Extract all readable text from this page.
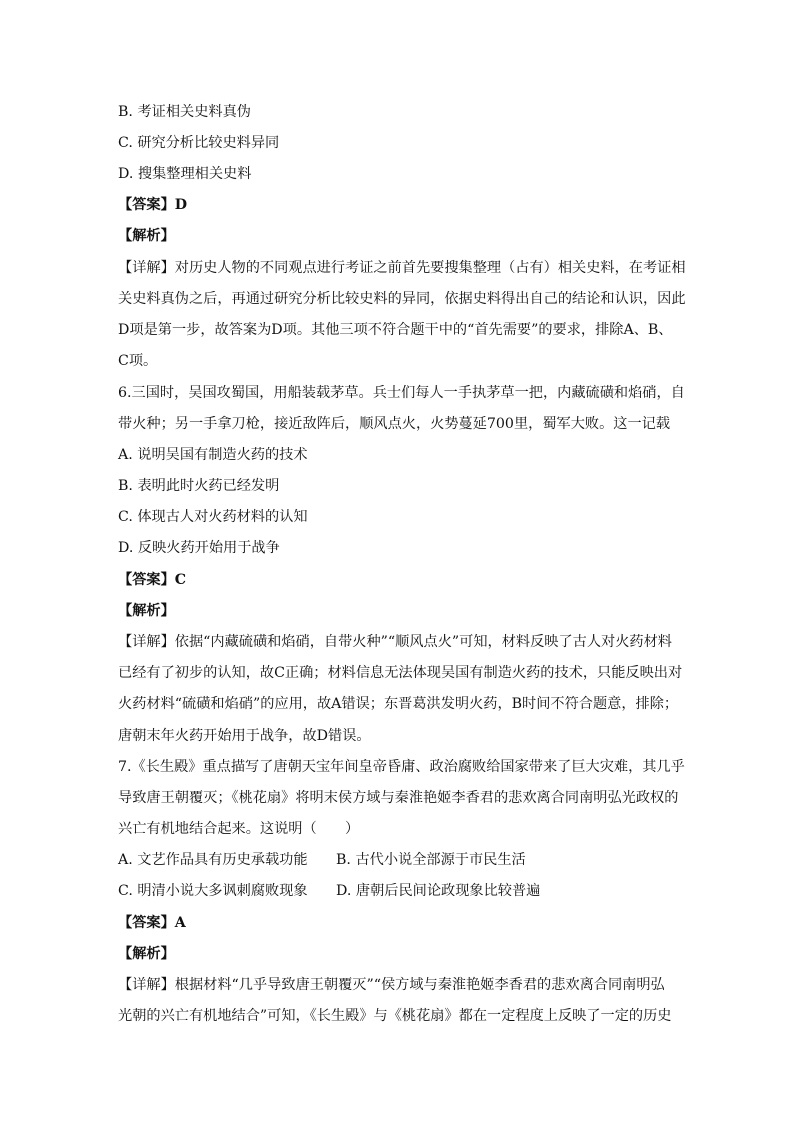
B. 考证相关史料真伪
C. 研究分析比较史料异同
D. 搜集整理相关史料
【答案】D
【解析】
【详解】对历史人物的不同观点进行考证之前首先要搜集整理（占有）相关史料，在考证相
关史料真伪之后，再通过研究分析比较史料的异同，依据史料得出自己的结论和认识，因此
D项是第一步，故答案为D项。其他三项不符合题干中的“首先需要”的要求，排除A、B、
C项。
6.三国时，吴国攻蜀国，用船装载茅草。兵士们每人一手执茅草一把，内藏硫磺和焰硝，自
带火种；另一手拿刀枪，接近敌阵后，顺风点火，火势蔓延700里，蜀军大败。这一记载
A. 说明吴国有制造火药的技术
B. 表明此时火药已经发明
C. 体现古人对火药材料的认知
D. 反映火药开始用于战争
【答案】C
【解析】
【详解】依据“内藏硫磺和焰硝，自带火种”“顺风点火”可知，材料反映了古人对火药材料
已经有了初步的认知，故C正确；材料信息无法体现吴国有制造火药的技术，只能反映出对
火药材料“硫磺和焰硝”的应用，故A错误；东晋葛洪发明火药，B时间不符合题意，排除；
唐朝末年火药开始用于战争，故D错误。
7.《长生殿》重点描写了唐朝天宝年间皇帝昏庸、政治腐败给国家带来了巨大灾难，其几乎
导致唐王朝覆灭；《桃花扇》将明末侯方域与秦淮艳姬李香君的悲欢离合同南明弘光政权的
兴亡有机地结合起来。这说明（　　）
A. 文艺作品具有历史承载功能 B. 古代小说全部源于市民生活
C. 明清小说大多讽刺腐败现象 D. 唐朝后民间论政现象比较普遍
【答案】A
【解析】
【详解】根据材料“几乎导致唐王朝覆灭”“侯方域与秦淮艳姬李香君的悲欢离合同南明弘
光朝的兴亡有机地结合”可知，《长生殿》与《桃花扇》都在一定程度上反映了一定的历史
